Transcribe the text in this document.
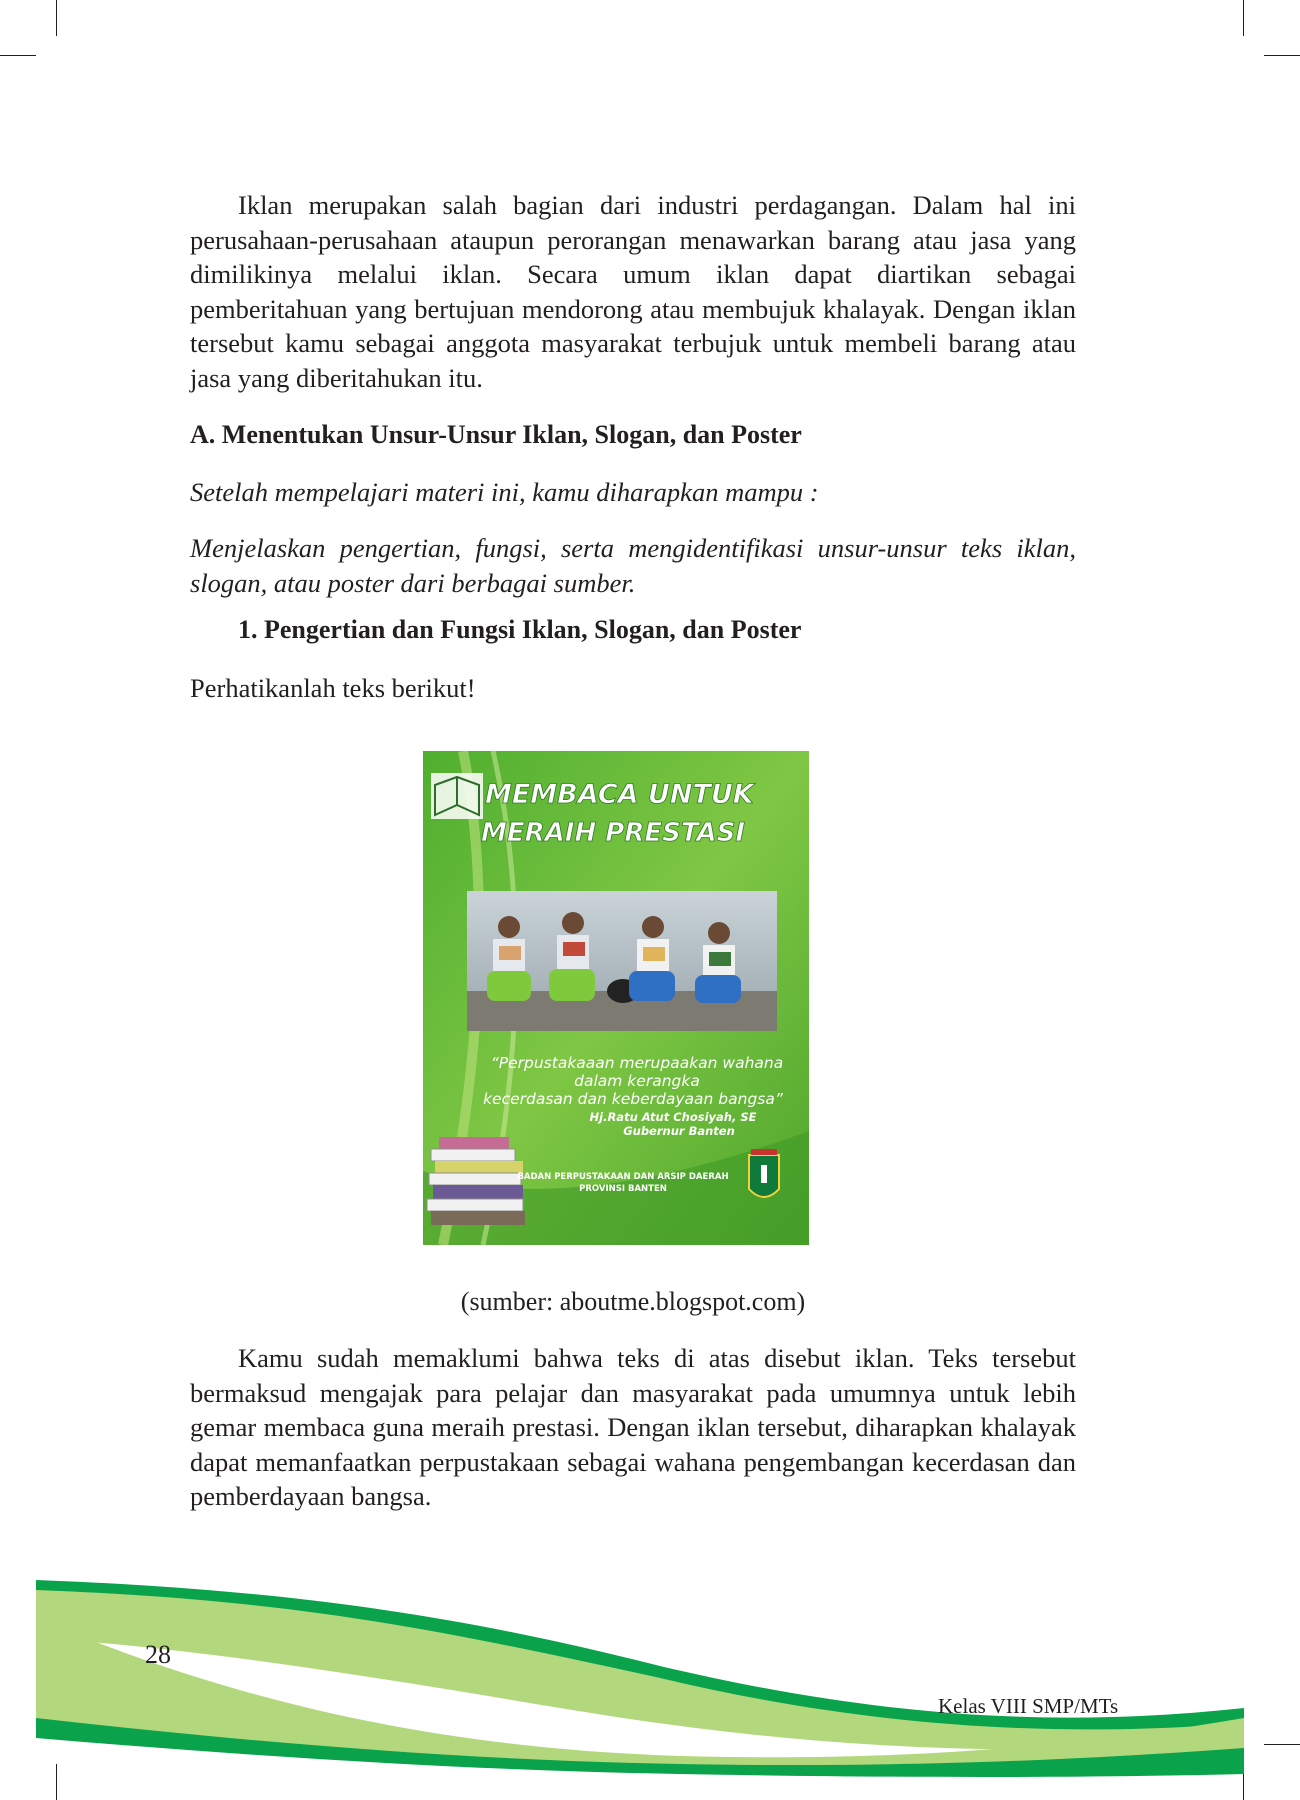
Iklan merupakan salah bagian dari industri perdagangan. Dalam hal ini perusahaan-perusahaan ataupun perorangan menawarkan barang atau jasa yang dimilikinya melalui iklan. Secara umum iklan dapat diartikan sebagai pemberitahuan yang bertujuan mendorong atau membujuk khalayak. Dengan iklan tersebut kamu sebagai anggota masyarakat terbujuk untuk membeli barang atau jasa yang diberitahukan itu.

A. Menentukan Unsur-Unsur Iklan, Slogan, dan Poster

Setelah mempelajari materi ini, kamu diharapkan mampu :

Menjelaskan pengertian, fungsi, serta mengidentifikasi unsur-unsur teks iklan, slogan, atau poster dari berbagai sumber.

1. Pengertian dan Fungsi Iklan, Slogan, dan Poster

Perhatikanlah teks berikut!

MEMBACA UNTUK
MERAIH PRESTASI
“Perpustakaaan merupaakan wahana
dalam kerangka
kecerdasan dan keberdayaan bangsa”
Hj.Ratu Atut Chosiyah, SE
Gubernur Banten
BADAN PERPUSTAKAAN DAN ARSIP DAERAH
PROVINSI BANTEN
(sumber: aboutme.blogspot.com)

Kamu sudah memaklumi bahwa teks di atas disebut iklan. Teks tersebut bermaksud mengajak para pelajar dan masyarakat pada umumnya untuk lebih gemar membaca guna meraih prestasi. Dengan iklan tersebut, diharapkan khalayak dapat memanfaatkan perpustakaan sebagai wahana pengembangan kecerdasan dan pemberdayaan bangsa.

28
Kelas VIII SMP/MTs
